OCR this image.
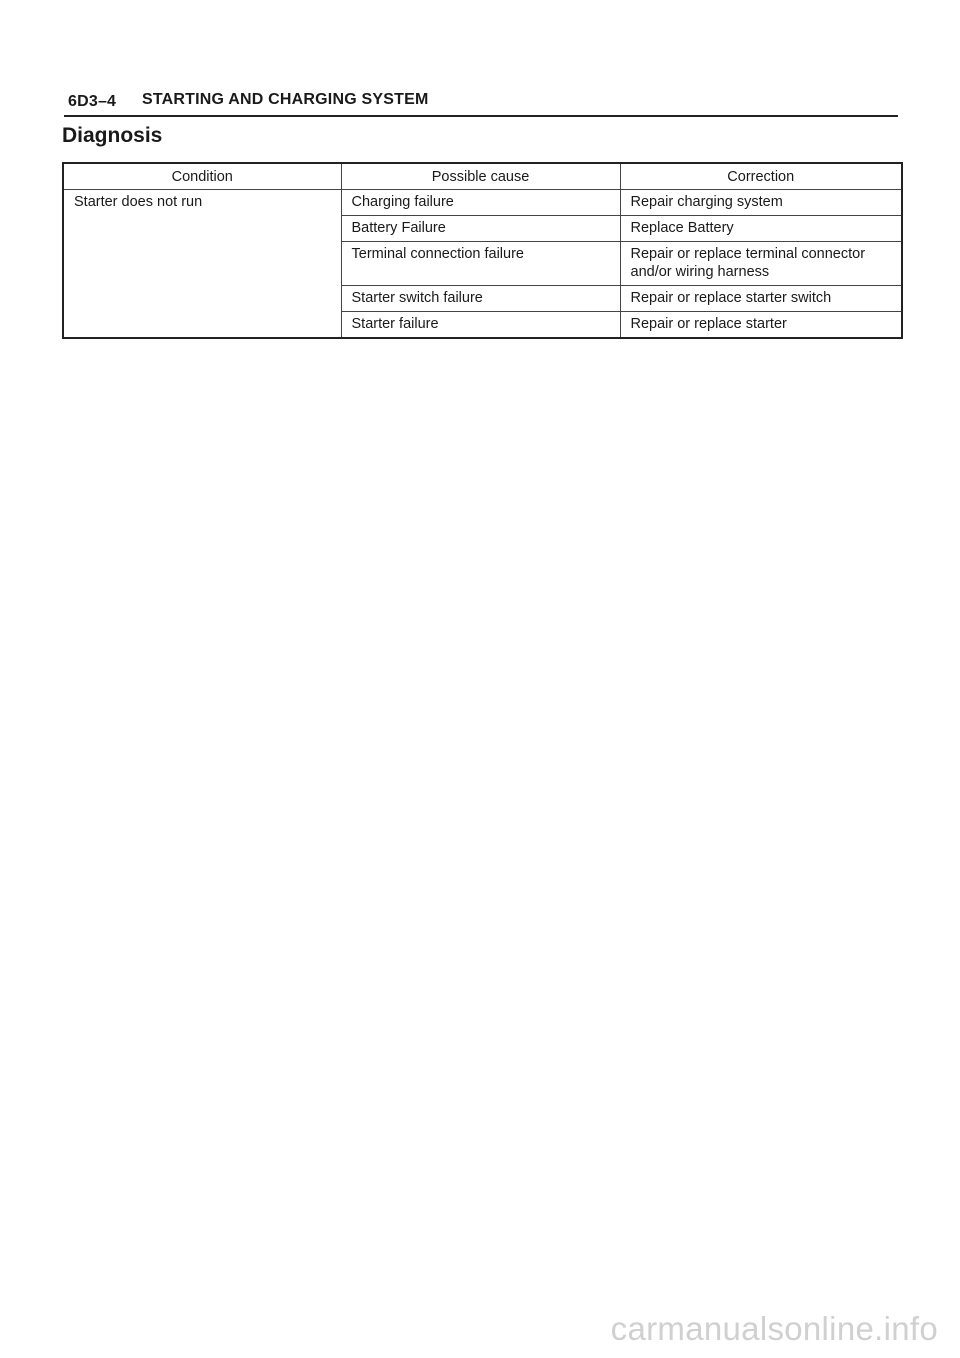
6D3–4 STARTING AND CHARGING SYSTEM
Diagnosis
Condition	Possible cause	Correction
Starter does not run	Charging failure	Repair charging system
	Battery Failure	Replace Battery
	Terminal connection failure	Repair or replace terminal connector and/or wiring harness
	Starter switch failure	Repair or replace starter switch
	Starter failure	Repair or replace starter
carmanualsonline.info
